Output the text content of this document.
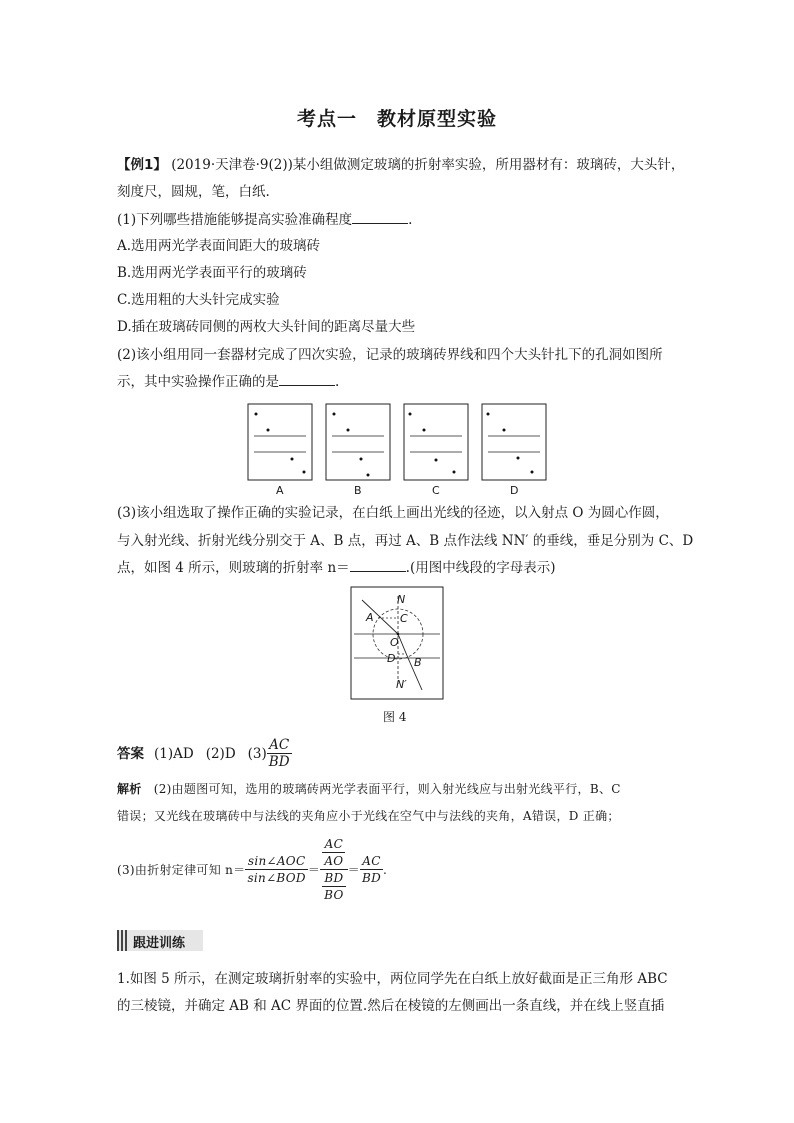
考点一　教材原型实验
【例1】 (2019·天津卷·9(2))某小组做测定玻璃的折射率实验，所用器材有：玻璃砖，大头针，
刻度尺，圆规，笔，白纸.
(1)下列哪些措施能够提高实验准确程度	.
A.选用两光学表面间距大的玻璃砖
B.选用两光学表面平行的玻璃砖
C.选用粗的大头针完成实验
D.插在玻璃砖同侧的两枚大头针间的距离尽量大些
(2)该小组用同一套器材完成了四次实验，记录的玻璃砖界线和四个大头针扎下的孔洞如图所
示，其中实验操作正确的是	.
A	B	C	D
(3)该小组选取了操作正确的实验记录，在白纸上画出光线的径迹，以入射点 O 为圆心作圆，
与入射光线、折射光线分别交于 A、B 点，再过 A、B 点作法线 NN′ 的垂线，垂足分别为 C、D
点，如图 4 所示，则玻璃的折射率 n＝	.(用图中线段的字母表示)
N
A C
O
D B
N′
图 4
答案 (1)AD (2)D $(3) \frac{AC}{BD}$
解析 (2)由题图可知，选用的玻璃砖两光学表面平行，则入射光线应与出射光线平行，B、C
错误；又光线在玻璃砖中与法线的夹角应小于光线在空气中与法线的夹角，A错误，D 正确；
(3)由折射定律可知 $n= \frac{\text{sin∠AOC}}{\text{sin∠BOD}} = \frac{\frac{AC}{AO}}{\frac{BD}{BO}} = \frac{AC}{BD}$ .
跟进训练
1.如图 5 所示，在测定玻璃折射率的实验中，两位同学先在白纸上放好截面是正三角形 ABC
的三棱镜，并确定 AB 和 AC 界面的位置.然后在棱镜的左侧画出一条直线，并在线上竖直插
